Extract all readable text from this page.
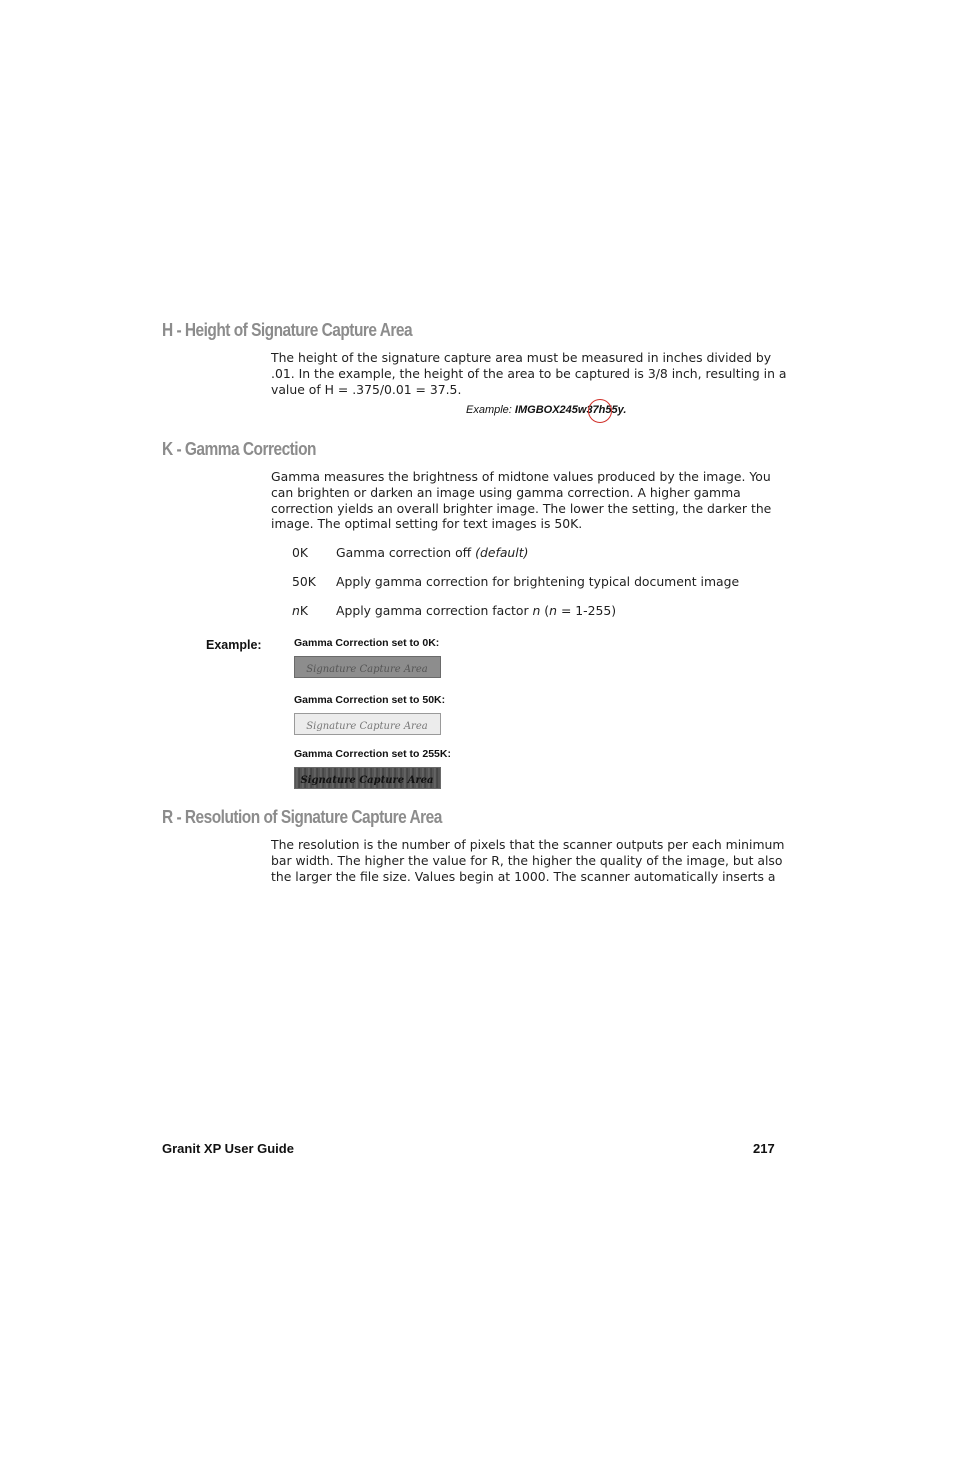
H - Height of Signature Capture Area

The height of the signature capture area must be measured in inches divided by .01. In the example, the height of the area to be captured is 3/8 inch, resulting in a value of H = .375/0.01 = 37.5.

Example: IMGBOX245w37h55y.
K - Gamma Correction

Gamma measures the brightness of midtone values produced by the image. You can brighten or darken an image using gamma correction. A higher gamma correction yields an overall brighter image. The lower the setting, the darker the image. The optimal setting for text images is 50K.

0K Gamma correction off (default)
50K Apply gamma correction for brightening typical document image
nK Apply gamma correction factor n (n = 1-255)
Example:	Gamma Correction set to 0K:
Signature Capture Area
Gamma Correction set to 50K:
Signature Capture Area
Gamma Correction set to 255K:
Signature Capture Area
R - Resolution of Signature Capture Area

The resolution is the number of pixels that the scanner outputs per each minimum bar width. The higher the value for R, the higher the quality of the image, but also the larger the file size. Values begin at 1000. The scanner automatically inserts a

Granit XP User Guide	217
